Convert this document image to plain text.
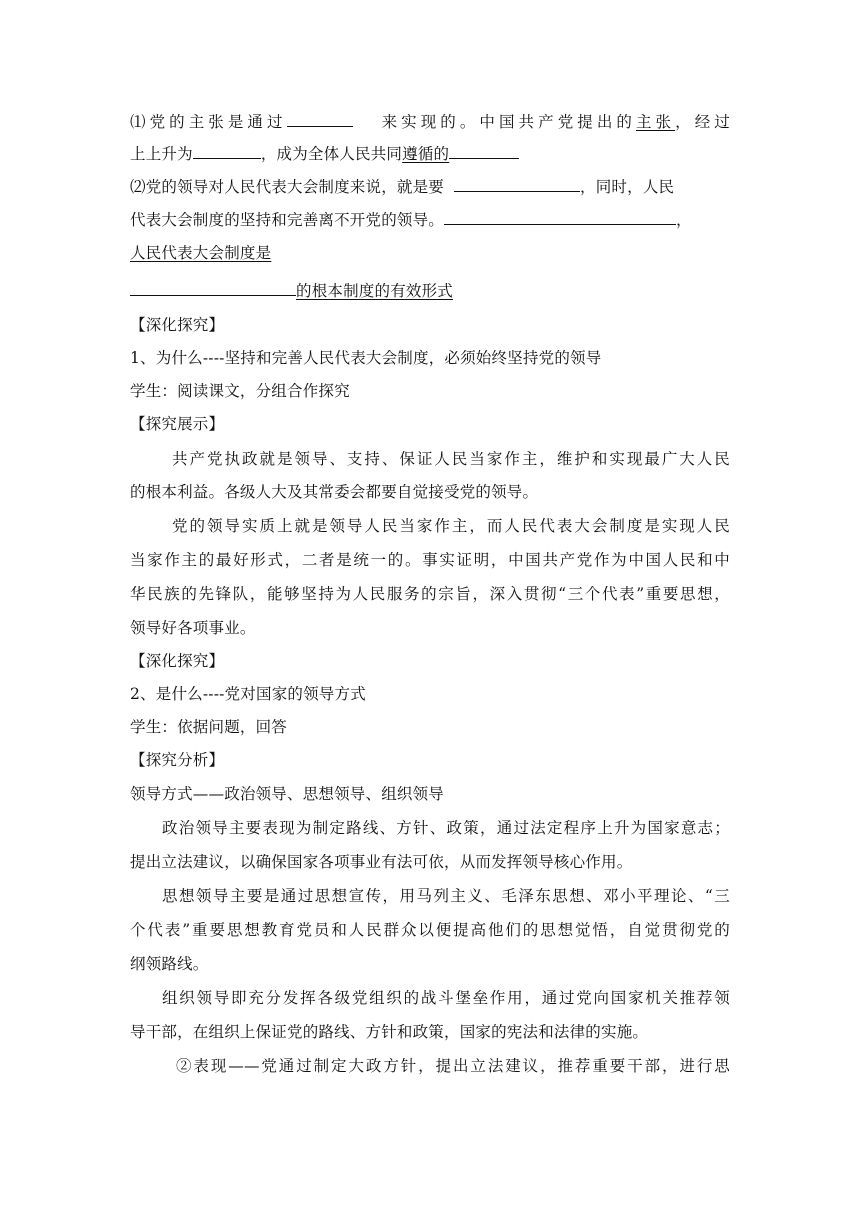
⑴党的主张是通过	来实现的。中国共产党提出的主张，经过
上上升为	，成为全体人民共同遵循的
⑵党的领导对人民代表大会制度来说，就是要	，同时，人民
代表大会制度的坚持和完善离不开党的领导。	，
人民代表大会制度是
的根本制度的有效形式
【深化探究】
1、为什么----坚持和完善人民代表大会制度，必须始终坚持党的领导
学生：阅读课文，分组合作探究
【探究展示】
共产党执政就是领导、支持、保证人民当家作主，维护和实现最广大人民
的根本利益。各级人大及其常委会都要自觉接受党的领导。
党的领导实质上就是领导人民当家作主，而人民代表大会制度是实现人民
当家作主的最好形式，二者是统一的。事实证明，中国共产党作为中国人民和中
华民族的先锋队，能够坚持为人民服务的宗旨，深入贯彻“三个代表”重要思想，
领导好各项事业。
【深化探究】
2、是什么----党对国家的领导方式
学生：依据问题，回答
【探究分析】
领导方式——政治领导、思想领导、组织领导
政治领导主要表现为制定路线、方针、政策，通过法定程序上升为国家意志；
提出立法建议，以确保国家各项事业有法可依，从而发挥领导核心作用。
思想领导主要是通过思想宣传，用马列主义、毛泽东思想、邓小平理论、“三
个代表”重要思想教育党员和人民群众以便提高他们的思想觉悟，自觉贯彻党的
纲领路线。
组织领导即充分发挥各级党组织的战斗堡垒作用，通过党向国家机关推荐领
导干部，在组织上保证党的路线、方针和政策，国家的宪法和法律的实施。
②表现——党通过制定大政方针，提出立法建议，推荐重要干部，进行思
